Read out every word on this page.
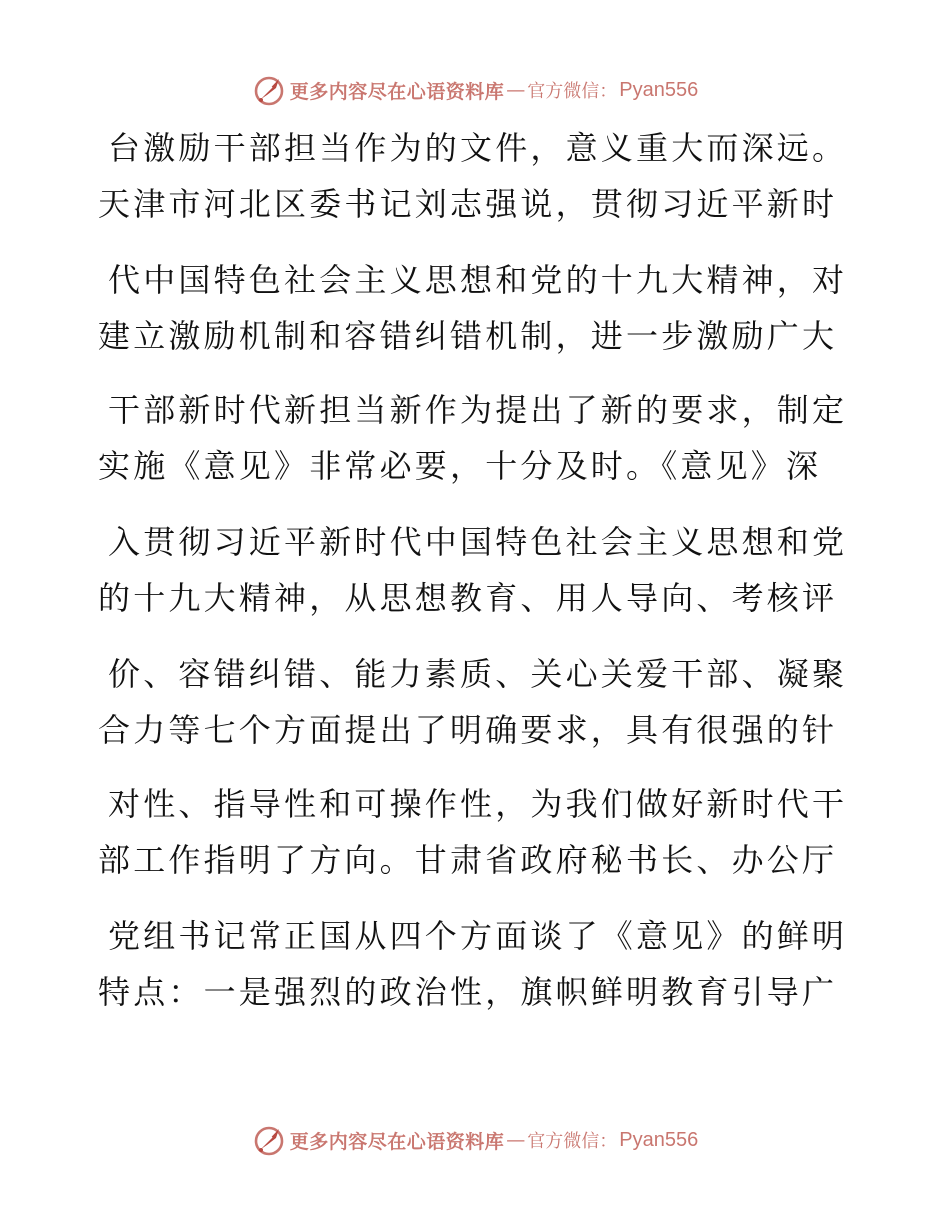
更多内容尽在心语资料库 — 官方微信： Pyan556
台激励干部担当作为的文件，意义重大而深远。
天津市河北区委书记刘志强说，贯彻习近平新时
代中国特色社会主义思想和党的十九大精神，对
建立激励机制和容错纠错机制，进一步激励广大
干部新时代新担当新作为提出了新的要求，制定
实施《意见》非常必要，十分及时。《意见》深
入贯彻习近平新时代中国特色社会主义思想和党
的十九大精神，从思想教育、用人导向、考核评
价、容错纠错、能力素质、关心关爱干部、凝聚
合力等七个方面提出了明确要求，具有很强的针
对性、指导性和可操作性，为我们做好新时代干
部工作指明了方向。甘肃省政府秘书长、办公厅
党组书记常正国从四个方面谈了《意见》的鲜明
特点：一是强烈的政治性，旗帜鲜明教育引导广
更多内容尽在心语资料库 — 官方微信： Pyan556
